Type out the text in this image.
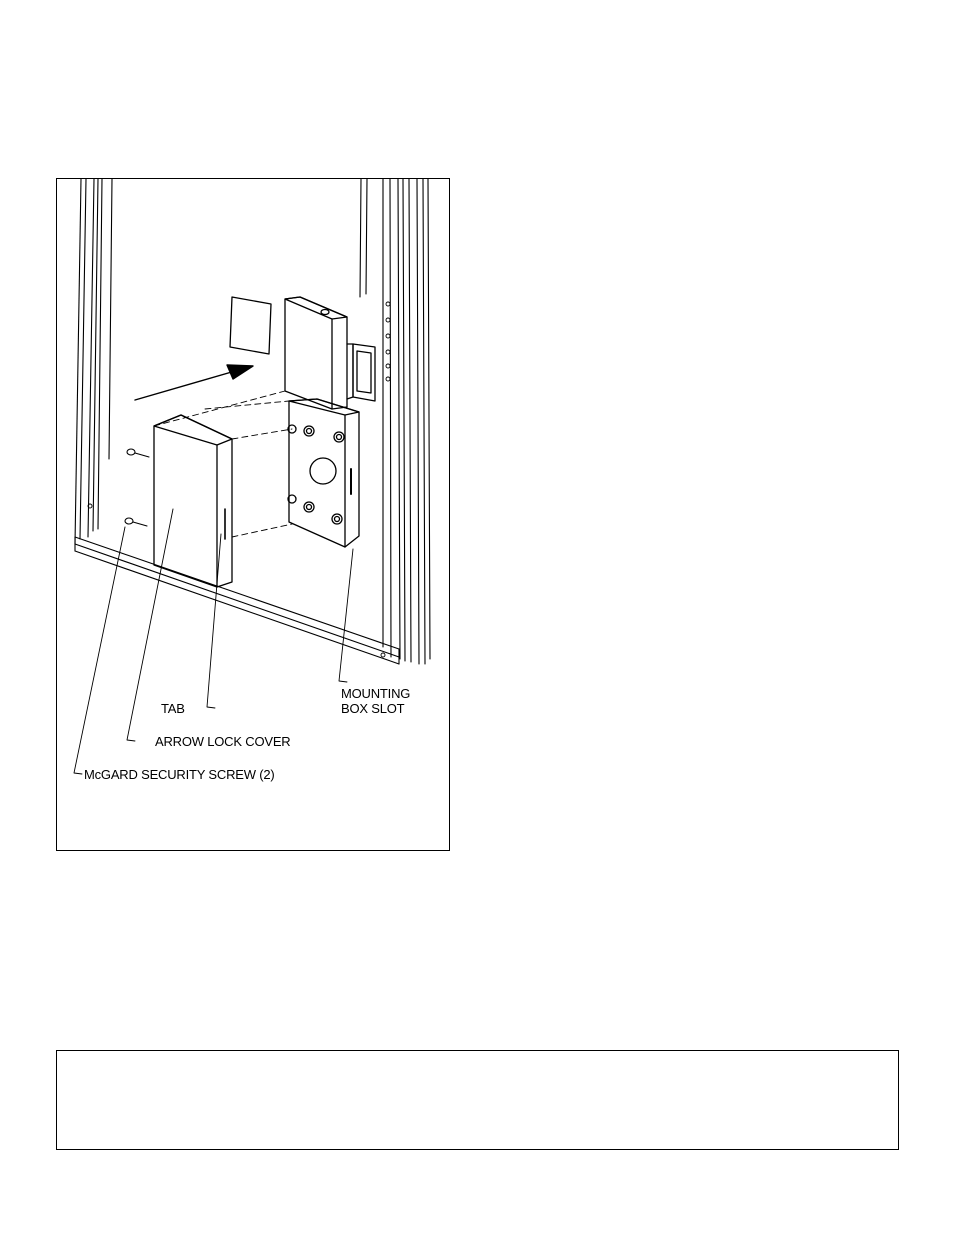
TAB
MOUNTING
BOX SLOT
ARROW LOCK COVER
McGARD SECURITY SCREW (2)
